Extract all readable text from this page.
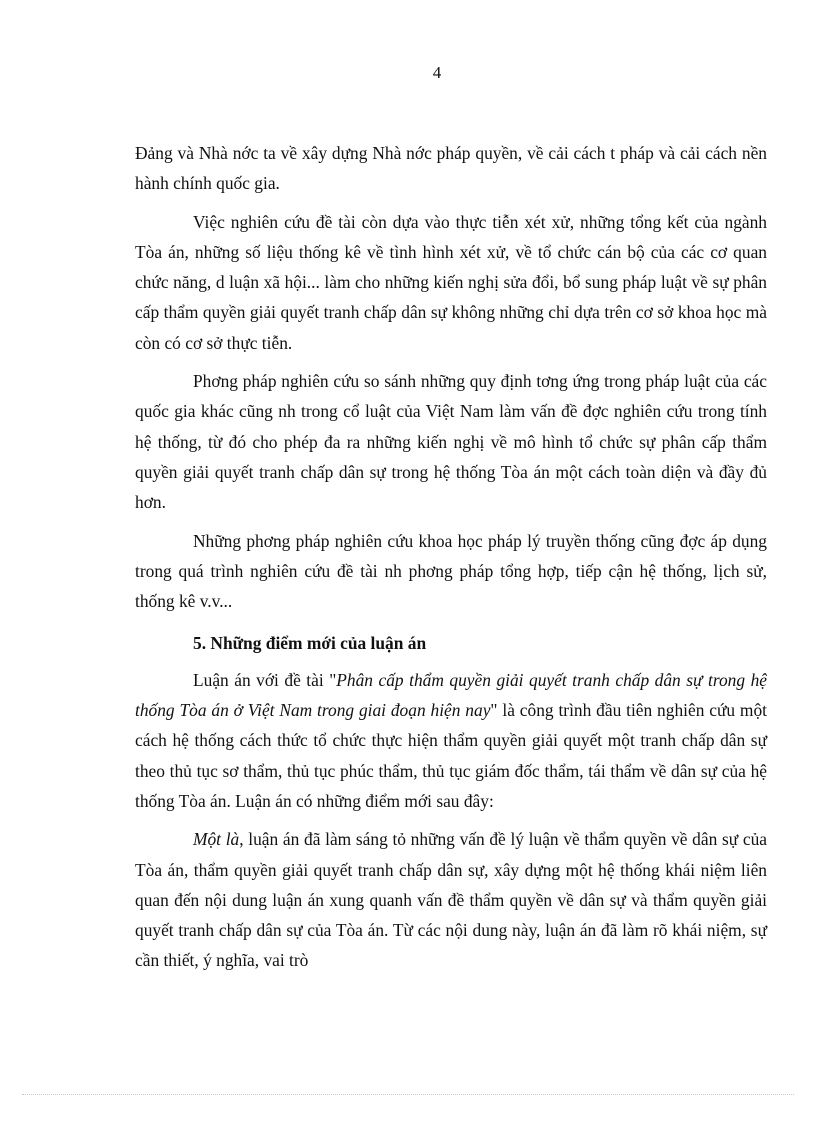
4

Đảng và Nhà nớc ta về xây dựng Nhà nớc pháp quyền, về cải cách t pháp và cải cách nền hành chính quốc gia.

Việc nghiên cứu đề tài còn dựa vào thực tiễn xét xử, những tổng kết của ngành Tòa án, những số liệu thống kê về tình hình xét xử, về tổ chức cán bộ của các cơ quan chức năng, d luận xã hội... làm cho những kiến nghị sửa đổi, bổ sung pháp luật về sự phân cấp thẩm quyền giải quyết tranh chấp dân sự không những chỉ dựa trên cơ sở khoa học mà còn có cơ sở thực tiễn.

Phơng pháp nghiên cứu so sánh những quy định tơng ứng trong pháp luật của các quốc gia khác cũng nh trong cổ luật của Việt Nam làm vấn đề đợc nghiên cứu trong tính hệ thống, từ đó cho phép đa ra những kiến nghị về mô hình tổ chức sự phân cấp thẩm quyền giải quyết tranh chấp dân sự trong hệ thống Tòa án một cách toàn diện và đầy đủ hơn.

Những phơng pháp nghiên cứu khoa học pháp lý truyền thống cũng đợc áp dụng trong quá trình nghiên cứu đề tài nh phơng pháp tổng hợp, tiếp cận hệ thống, lịch sử, thống kê v.v...

5. Những điểm mới của luận án

Luận án với đề tài "Phân cấp thẩm quyền giải quyết tranh chấp dân sự trong hệ thống Tòa án ở Việt Nam trong giai đoạn hiện nay" là công trình đầu tiên nghiên cứu một cách hệ thống cách thức tổ chức thực hiện thẩm quyền giải quyết một tranh chấp dân sự theo thủ tục sơ thẩm, thủ tục phúc thẩm, thủ tục giám đốc thẩm, tái thẩm về dân sự của hệ thống Tòa án. Luận án có những điểm mới sau đây:

Một là, luận án đã làm sáng tỏ những vấn đề lý luận về thẩm quyền về dân sự của Tòa án, thẩm quyền giải quyết tranh chấp dân sự, xây dựng một hệ thống khái niệm liên quan đến nội dung luận án xung quanh vấn đề thẩm quyền về dân sự và thẩm quyền giải quyết tranh chấp dân sự của Tòa án. Từ các nội dung này, luận án đã làm rõ khái niệm, sự cần thiết, ý nghĩa, vai trò
